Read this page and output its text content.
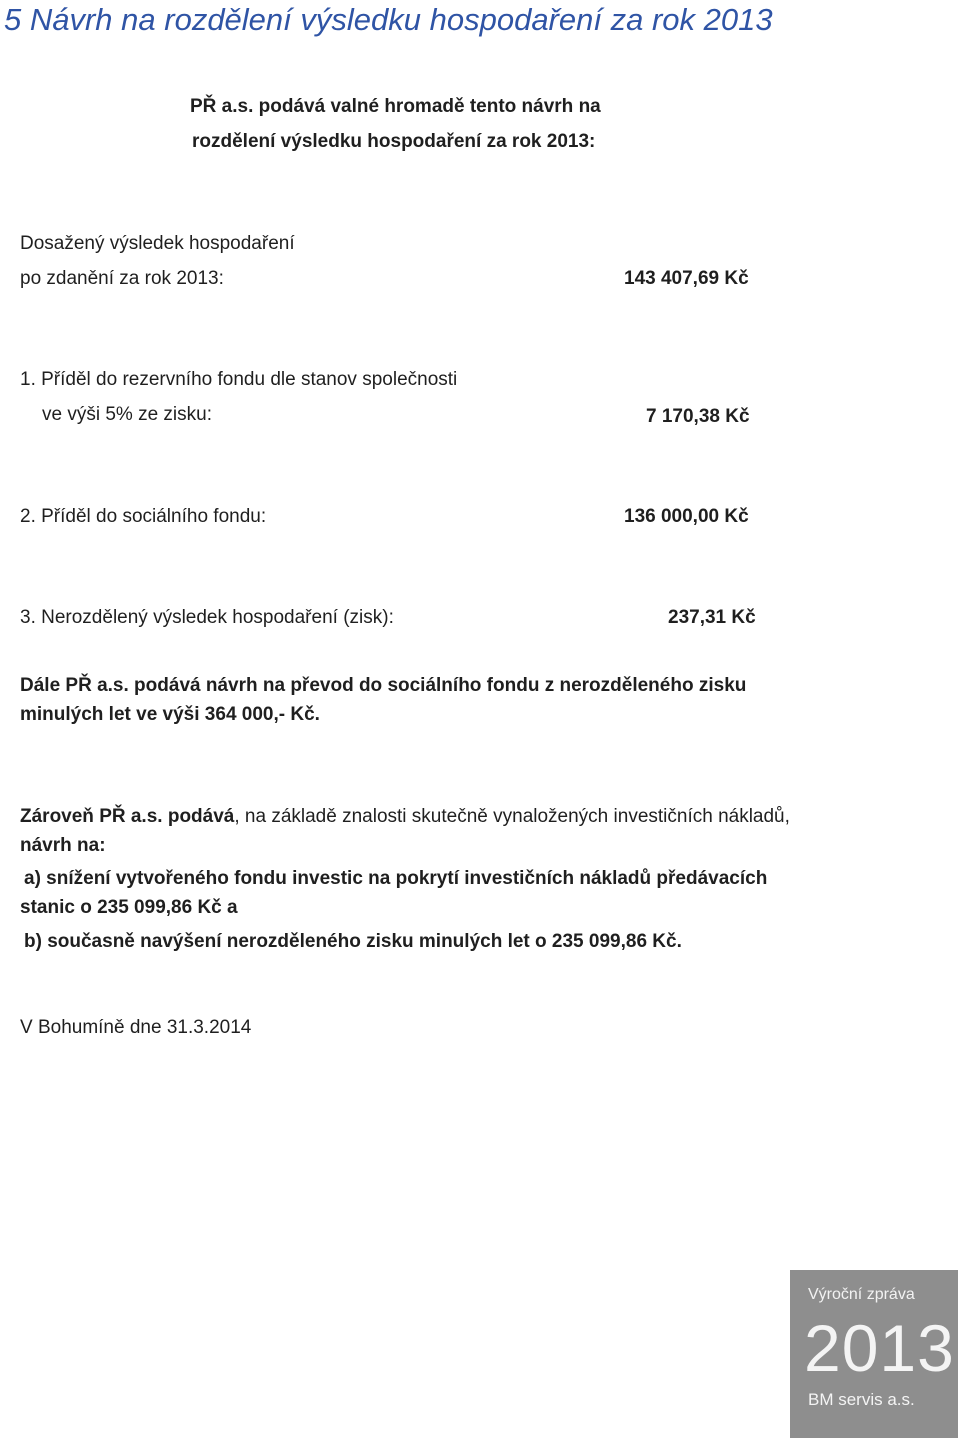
5 Návrh na rozdělení výsledku hospodaření za rok 2013
PŘ a.s. podává valné hromadě tento návrh na
rozdělení výsledku hospodaření za rok 2013:
Dosažený výsledek hospodaření
po zdanění za rok 2013:	143 407,69 Kč
1. Příděl do rezervního fondu dle stanov společnosti
ve výši 5% ze zisku:	7 170,38 Kč
2. Příděl do sociálního fondu:	136 000,00 Kč
3. Nerozdělený výsledek hospodaření (zisk):	237,31 Kč
Dále PŘ a.s. podává návrh na převod do sociálního fondu z nerozděleného zisku
minulých let ve výši 364 000,- Kč.
Zároveň PŘ a.s. podává, na základě znalosti skutečně vynaložených investičních nákladů,
návrh na:
a) snížení vytvořeného fondu investic na pokrytí investičních nákladů předávacích
stanic o 235 099,86 Kč a
b) současně navýšení nerozděleného zisku minulých let o 235 099,86 Kč.
V Bohumíně dne 31.3.2014
Výroční zpráva
2013
BM servis a.s.
